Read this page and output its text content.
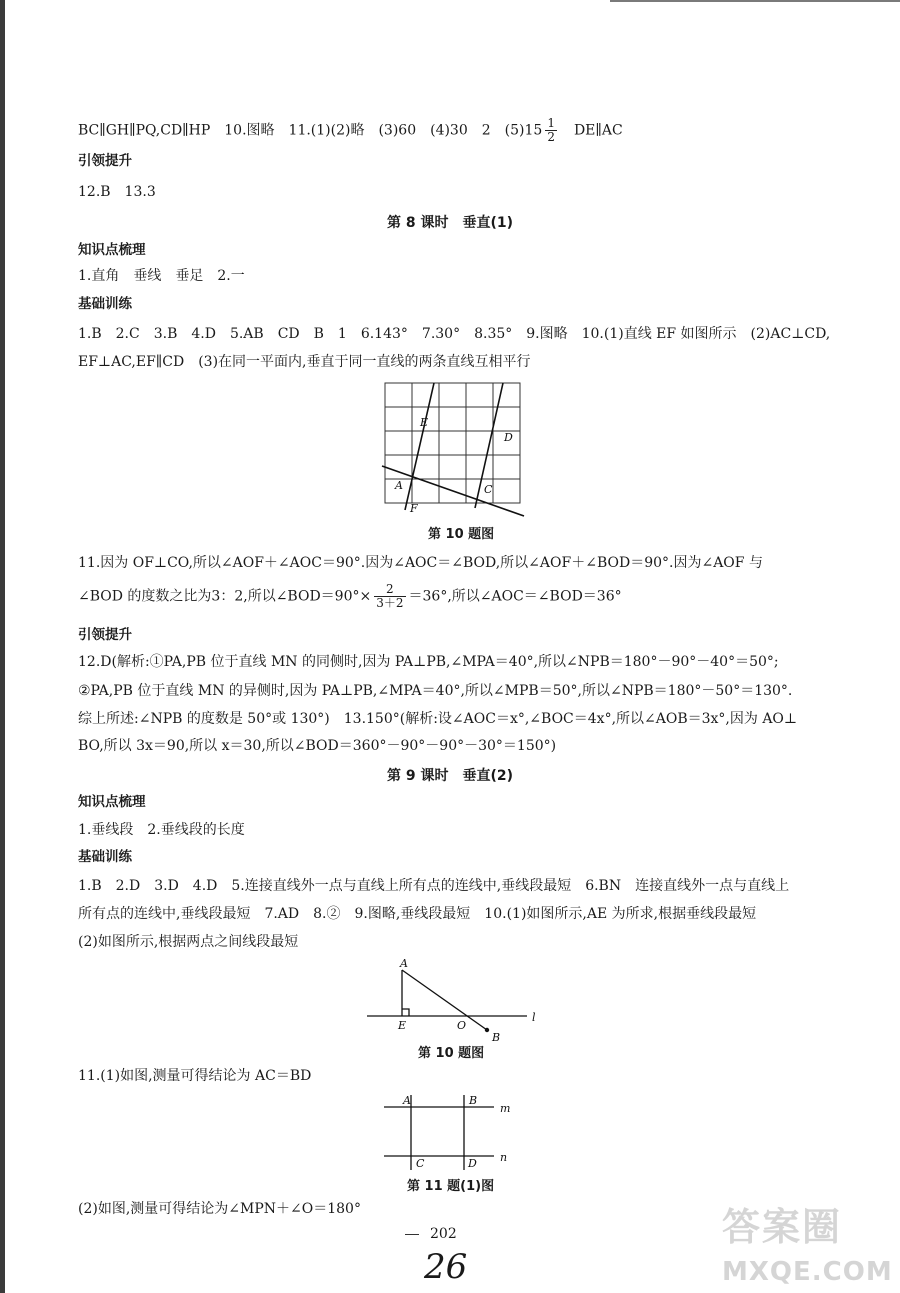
BC∥GH∥PQ,CD∥HP　10.图略　11.(1)(2)略　(3)60　(4)30　2　$(5)15 \frac{1}{2}$
　 DE∥AC
引领提升
12.B　13.3
第 8 课时　垂直(1)
知识点梳理
1.直角　垂线　垂足　2.一
基础训练
1.B　2.C　3.B　4.D　5.AB　CD　B　1　6.143°　7.30°　8.35°　9.图略　10.(1)直线 EF 如图所示　(2)AC⊥CD,
EF⊥AC,EF∥CD　(3)在同一平面内,垂直于同一直线的两条直线互相平行
A	C
D
E
F
第 10 题图
11.因为 OF⊥CO,所以∠AOF＋∠AOC＝90°.因为∠AOC＝∠BOD,所以∠AOF＋∠BOD＝90°.因为∠AOF 与
∠BOD 的度数之比为3：2,所以∠BOD＝90°× $\frac{2}{3+2} =36^\circ$,所以∠AOC＝∠BOD＝36°
引领提升
12.D(解析:①PA,PB 位于直线 MN 的同侧时,因为 PA⊥PB,∠MPA＝40°,所以∠NPB＝180°－90°－40°＝50°;
②PA,PB 位于直线 MN 的异侧时,因为 PA⊥PB,∠MPA＝40°,所以∠MPB＝50°,所以∠NPB＝180°－50°＝130°.
综上所述:∠NPB 的度数是 50°或 130°)　13.150°(解析:设∠AOC＝x°,∠BOC＝4x°,所以∠AOB＝3x°,因为 AO⊥
BO,所以 3x＝90,所以 x＝30,所以∠BOD＝360°－90°－90°－30°＝150°)
第 9 课时　垂直(2)
知识点梳理
1.垂线段　2.垂线段的长度
基础训练
1.B　2.D　3.D　4.D　5.连接直线外一点与直线上所有点的连线中,垂线段最短　6.BN　连接直线外一点与直线上
所有点的连线中,垂线段最短　7.AD　8.②　9.图略,垂线段最短　10.(1)如图所示,AE 为所求,根据垂线段最短
(2)如图所示,根据两点之间线段最短
A
E	O
B
l
第 10 题图
11.(1)如图,测量可得结论为 AC＝BD
A	B
C	D
m
n
第 11 题(1)图
(2)如图,测量可得结论为∠MPN＋∠O＝180°
202
26
答案圈
MXQE.COM
